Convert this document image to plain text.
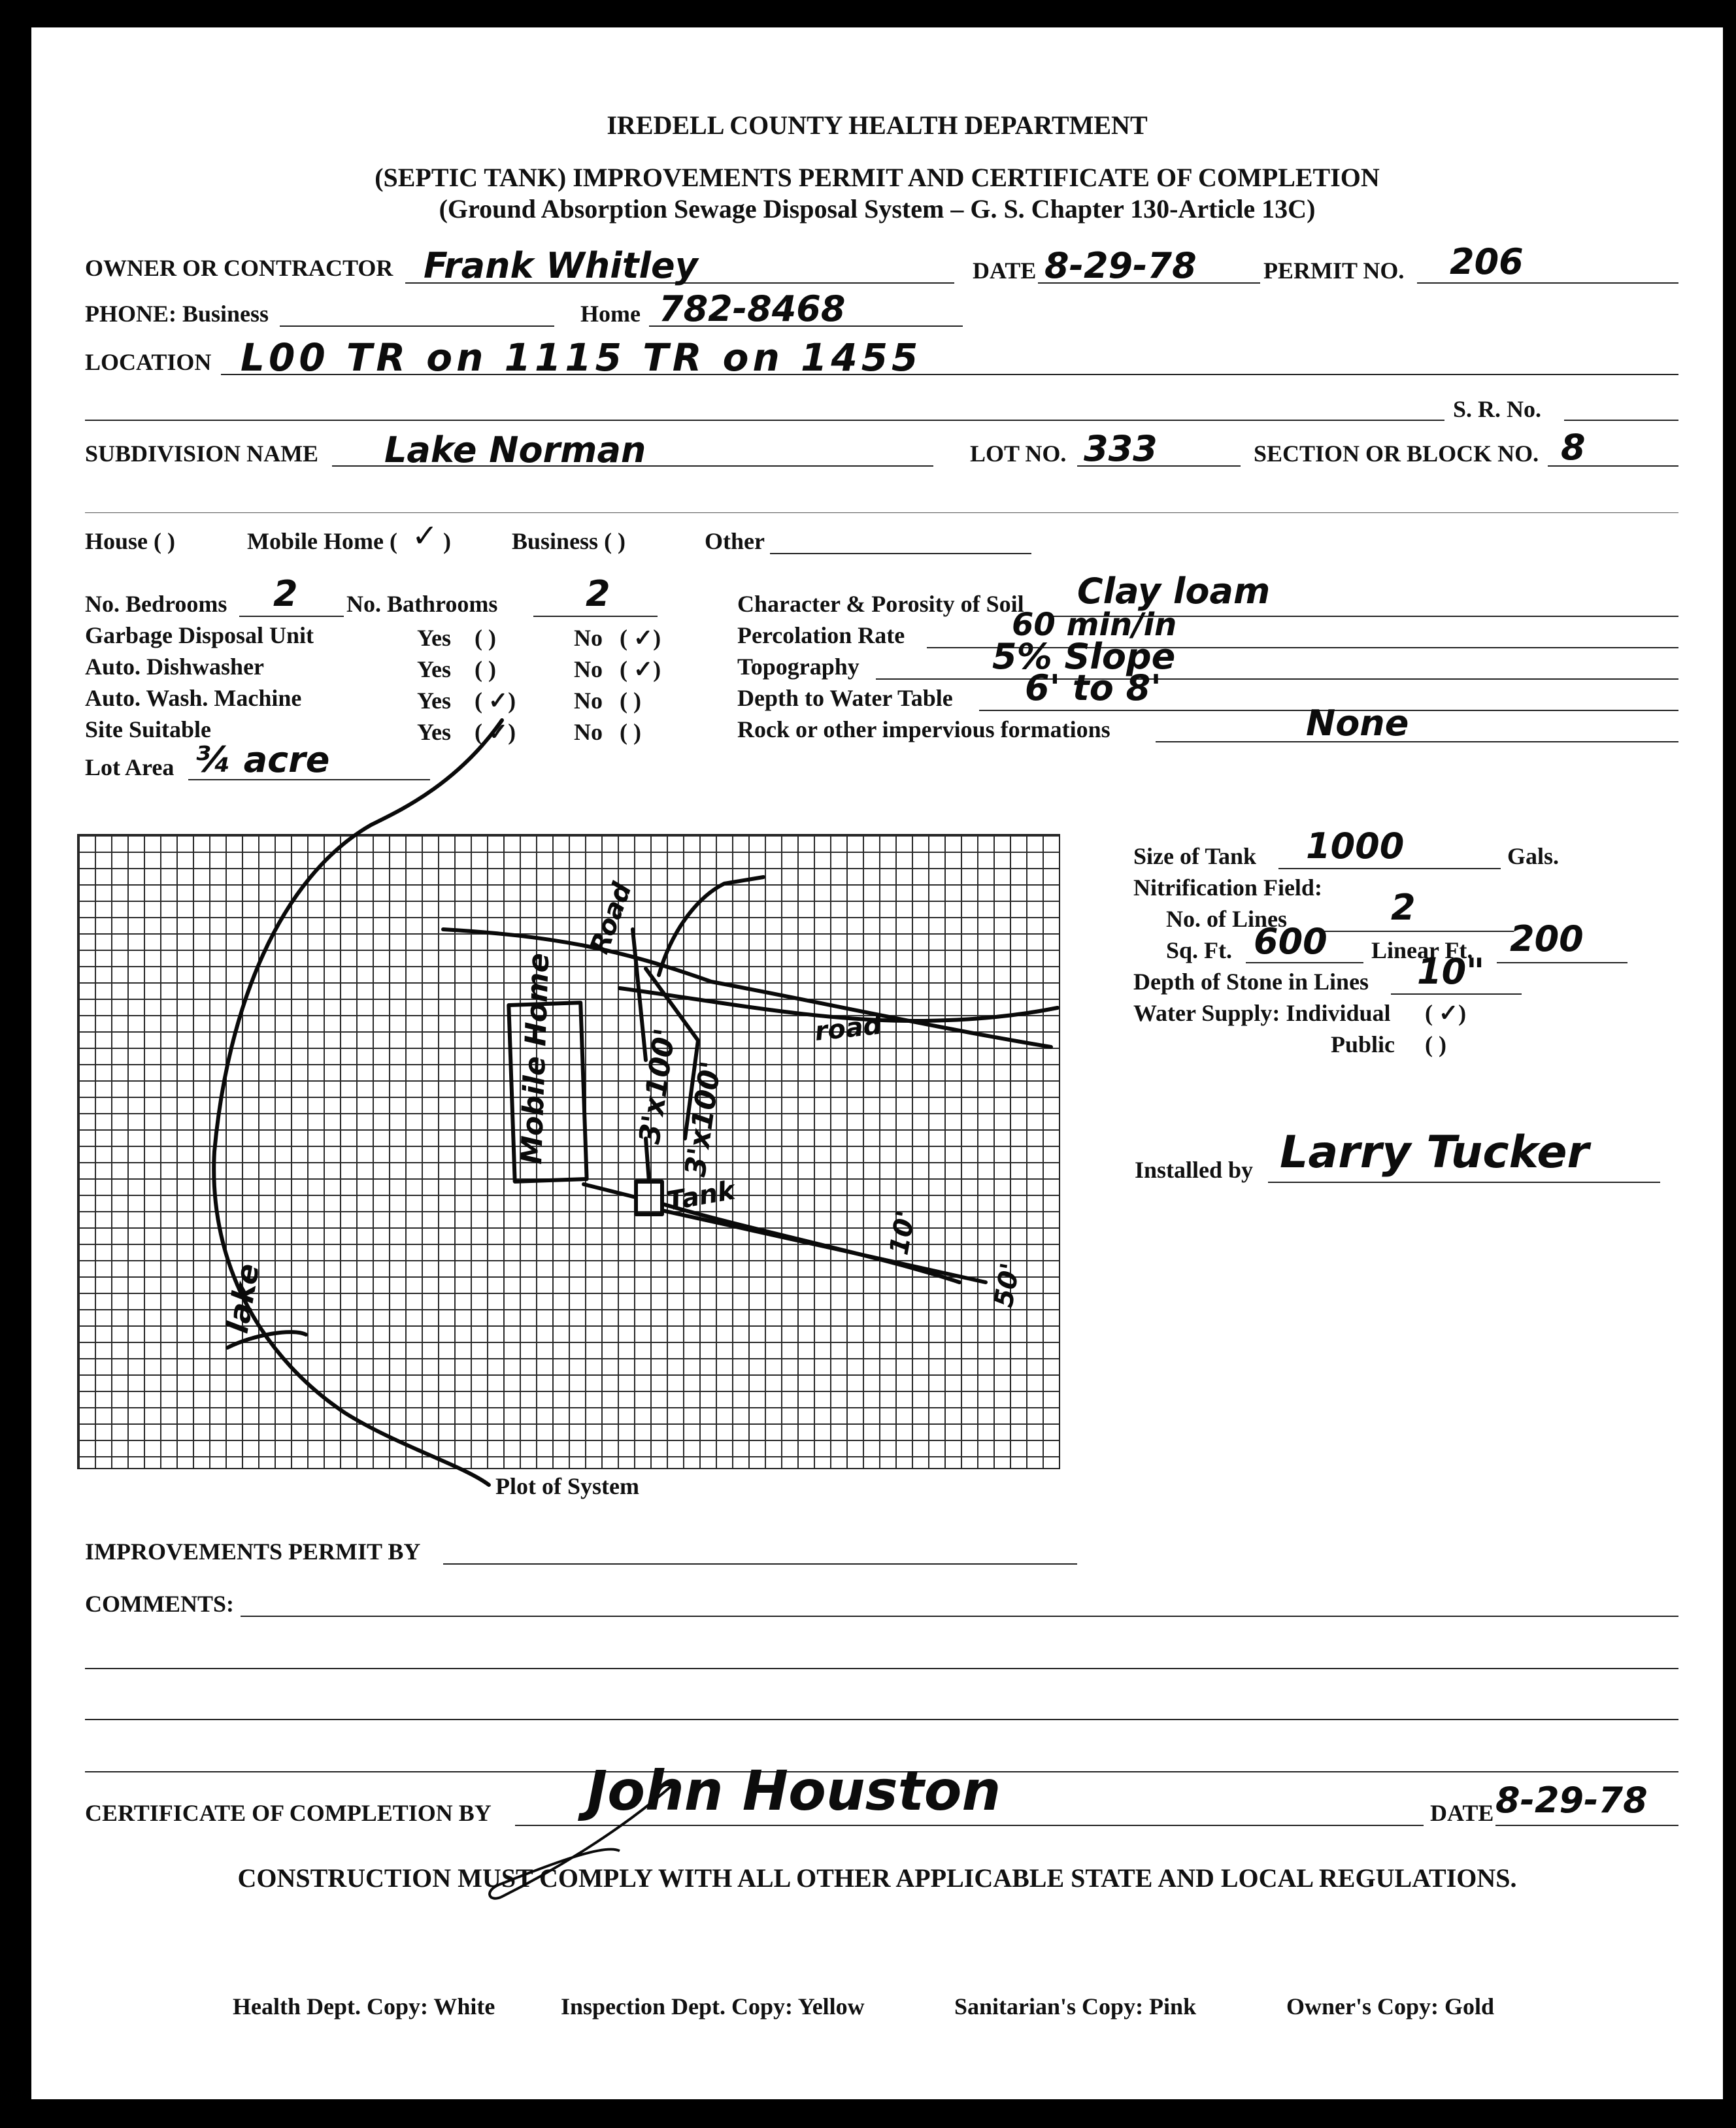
IREDELL COUNTY HEALTH DEPARTMENT
(SEPTIC TANK) IMPROVEMENTS PERMIT AND CERTIFICATE OF COMPLETION
(Ground Absorption Sewage Disposal System – G. S. Chapter 130-Article 13C)
OWNER OR CONTRACTOR Frank Whitley	DATE 8-29-78	PERMIT NO. 206
PHONE: Business	Home 782-8468
LOCATION L00 TR on 1115 TR on 1455
S. R. No.
SUBDIVISION NAME Lake Norman	LOT NO. 333	SECTION OR BLOCK NO. 8
House ( )	Mobile Home ( ✓ )	Business ( )	Other
No. Bedrooms 2 No. Bathrooms 2
Garbage Disposal Unit	Yes ( )	No ( ✓)
Auto. Dishwasher	Yes ( )	No ( ✓)
Auto. Wash. Machine	Yes ( ✓) No ( )
Site Suitable	Yes ( ✓) No ( )
Lot Area ¾ acre
Character & Porosity of Soil Clay loam
Percolation Rate	60 min/in
Topography	5% Slope
Depth to Water Table 6' to 8'
Rock or other impervious formations	None
Size of Tank 1000	Gals.
Nitrification Field:
No. of Lines	2
Sq. Ft. 600 Linear Ft. 200
Depth of Stone in Lines 10"
Water Supply: Individual ( ✓)
Public ( )
Installed by Larry Tucker
Plot of System
IMPROVEMENTS PERMIT BY
COMMENTS:
CERTIFICATE OF COMPLETION BY John Houston	DATE 8-29-78
CONSTRUCTION MUST COMPLY WITH ALL OTHER APPLICABLE STATE AND LOCAL REGULATIONS.
Health Dept. Copy: White	Inspection Dept. Copy: Yellow	Sanitarian's Copy: Pink	Owner's Copy: Gold
Mobile Home	3'x100'
3'x100'
Tank
road
Road
10'
lake	50'
